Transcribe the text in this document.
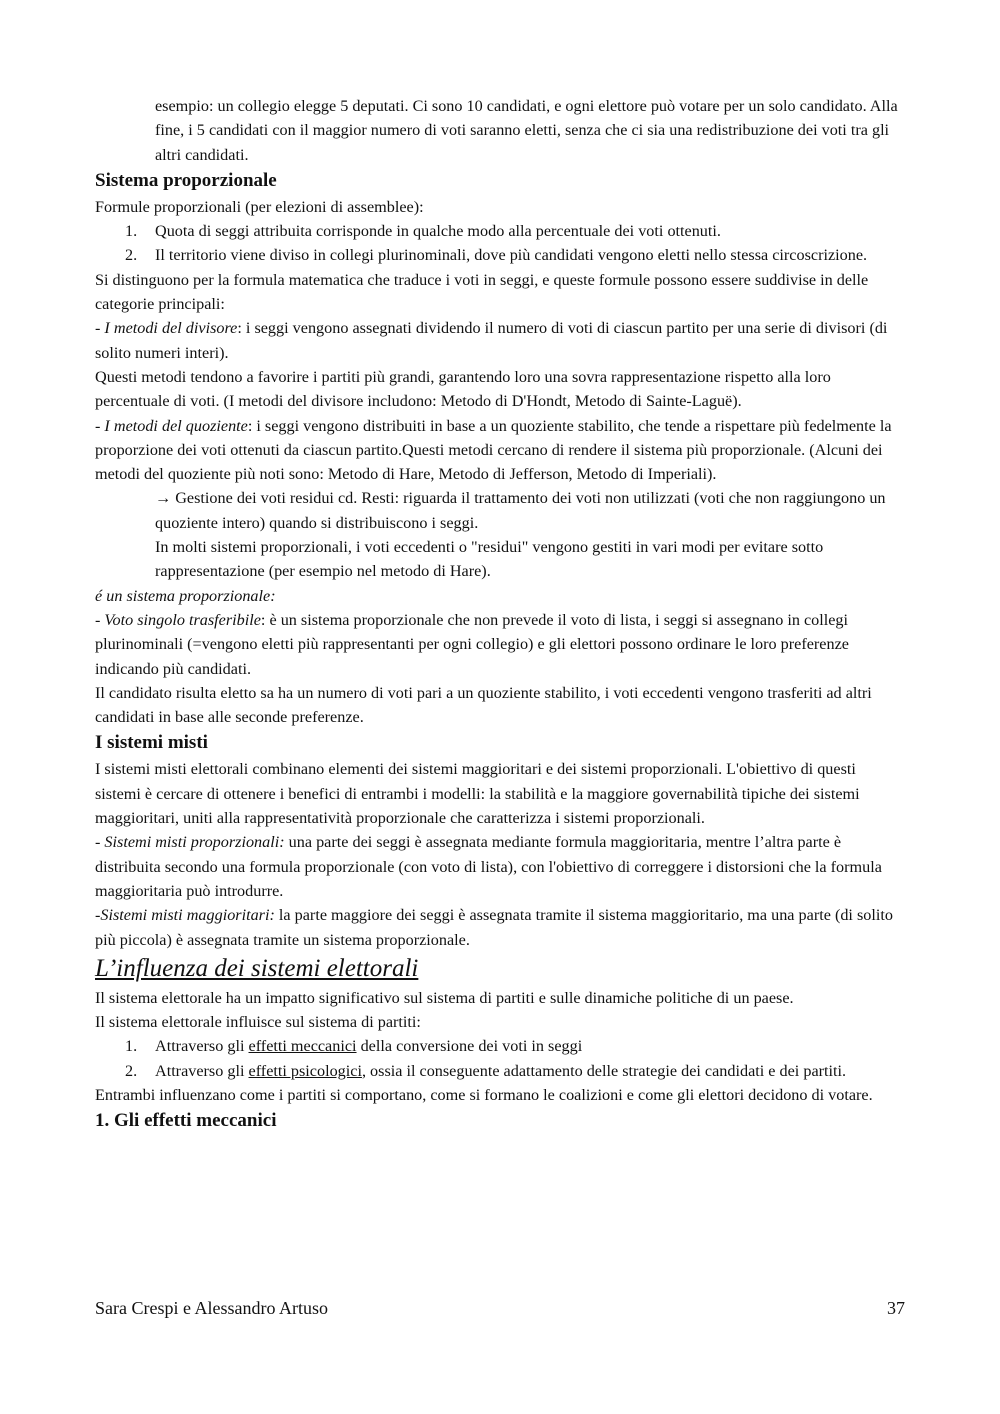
esempio: un collegio elegge 5 deputati. Ci sono 10 candidati, e ogni elettore può votare per un solo candidato. Alla fine, i 5 candidati con il maggior numero di voti saranno eletti, senza che ci sia una redistribuzione dei voti tra gli altri candidati.

Sistema proporzionale

Formule proporzionali (per elezioni di assemblee):

1. Quota di seggi attribuita corrisponde in qualche modo alla percentuale dei voti ottenuti.
2. Il territorio viene diviso in collegi plurinominali, dove più candidati vengono eletti nello stessa circoscrizione.

Si distinguono per la formula matematica che traduce i voti in seggi, e queste formule possono essere suddivise in delle categorie principali:

- I metodi del divisore: i seggi vengono assegnati dividendo il numero di voti di ciascun partito per una serie di divisori (di solito numeri interi).

Questi metodi tendono a favorire i partiti più grandi, garantendo loro una sovra rappresentazione rispetto alla loro percentuale di voti. (I metodi del divisore includono: Metodo di D'Hondt, Metodo di Sainte-Laguë).

- I metodi del quoziente: i seggi vengono distribuiti in base a un quoziente stabilito, che tende a rispettare più fedelmente la proporzione dei voti ottenuti da ciascun partito.Questi metodi cercano di rendere il sistema più proporzionale. (Alcuni dei metodi del quoziente più noti sono: Metodo di Hare, Metodo di Jefferson, Metodo di Imperiali).

→ Gestione dei voti residui cd. Resti: riguarda il trattamento dei voti non utilizzati (voti che non raggiungono un quoziente intero) quando si distribuiscono i seggi.

In molti sistemi proporzionali, i voti eccedenti o "residui" vengono gestiti in vari modi per evitare sotto rappresentazione (per esempio nel metodo di Hare).

é un sistema proporzionale:

- Voto singolo trasferibile: è un sistema proporzionale che non prevede il voto di lista, i seggi si assegnano in collegi plurinominali (=vengono eletti più rappresentanti per ogni collegio) e gli elettori possono ordinare le loro preferenze indicando più candidati.

Il candidato risulta eletto sa ha un numero di voti pari a un quoziente stabilito, i voti eccedenti vengono trasferiti ad altri candidati in base alle seconde preferenze.

I sistemi misti

I sistemi misti elettorali combinano elementi dei sistemi maggioritari e dei sistemi proporzionali. L'obiettivo di questi sistemi è cercare di ottenere i benefici di entrambi i modelli: la stabilità e la maggiore governabilità tipiche dei sistemi maggioritari, uniti alla rappresentatività proporzionale che caratterizza i sistemi proporzionali.

- Sistemi misti proporzionali: una parte dei seggi è assegnata mediante formula maggioritaria, mentre l’altra parte è distribuita secondo una formula proporzionale (con voto di lista), con l'obiettivo di correggere i distorsioni che la formula maggioritaria può introdurre.

-Sistemi misti maggioritari: la parte maggiore dei seggi è assegnata tramite il sistema maggioritario, ma una parte (di solito più piccola) è assegnata tramite un sistema proporzionale.

L’influenza dei sistemi elettorali

Il sistema elettorale ha un impatto significativo sul sistema di partiti e sulle dinamiche politiche di un paese.

Il sistema elettorale influisce sul sistema di partiti:

1. Attraverso gli effetti meccanici della conversione dei voti in seggi
2. Attraverso gli effetti psicologici, ossia il conseguente adattamento delle strategie dei candidati e dei partiti.

Entrambi influenzano come i partiti si comportano, come si formano le coalizioni e come gli elettori decidono di votare.

1. Gli effetti meccanici
Sara Crespi e Alessandro Artuso	37
